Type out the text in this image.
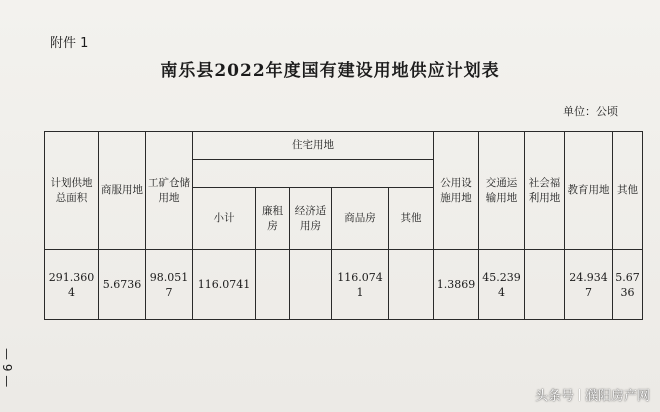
附件 1
南乐县2022年度国有建设用地供应计划表
单位：公顷
计划供地总面积	商服用地	工矿仓储用地	住宅用地					公用设施用地	交通运输用地	社会福利用地	教育用地	其他

			小计	廉租房	经济适用房	商品房	其他					
291.3604	5.6736	98.0517	116.0741			116.0741		1.3869	45.2394		24.9347	5.6736
— 9 —
头条号 濮阳房产网
